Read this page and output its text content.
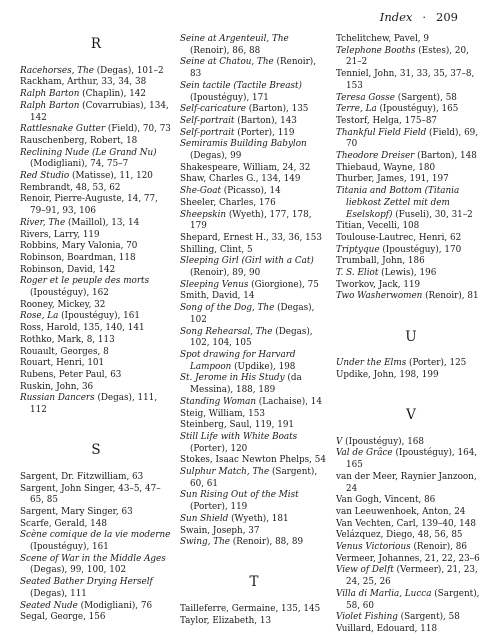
Index · 209
R
Racehorses, The (Degas), 101–2
Rackham, Arthur, 33, 34, 38
Ralph Barton (Chaplin), 142
Ralph Barton (Covarrubias), 134, 142
Rattlesnake Gutter (Field), 70, 73
Rauschenberg, Robert, 18
Reclining Nude (Le Grand Nu) (Modigliani), 74, 75–7
Red Studio (Matisse), 11, 120
Rembrandt, 48, 53, 62
Renoir, Pierre-Auguste, 14, 77, 79–91, 93, 106
River, The (Maillol), 13, 14
Rivers, Larry, 119
Robbins, Mary Valonia, 70
Robinson, Boardman, 118
Robinson, David, 142
Roger et le peuple des morts (Ipoustéguy), 162
Rooney, Mickey, 32
Rose, La (Ipoustéguy), 161
Ross, Harold, 135, 140, 141
Rothko, Mark, 8, 113
Rouault, Georges, 8
Rouart, Henri, 101
Rubens, Peter Paul, 63
Ruskin, John, 36
Russian Dancers (Degas), 111, 112
S
Sargent, Dr. Fitzwilliam, 63
Sargent, John Singer, 43–5, 47–65, 85
Sargent, Mary Singer, 63
Scarfe, Gerald, 148
Scène comique de la vie moderne (Ipoustéguy), 161
Scene of War in the Middle Ages (Degas), 99, 100, 102
Seated Bather Drying Herself (Degas), 111
Seated Nude (Modigliani), 76
Segal, George, 156
Seine at Argenteuil, The (Renoir), 86, 88
Seine at Chatou, The (Renoir), 83
Sein tactile (Tactile Breast) (Ipoustéguy), 171
Self-caricature (Barton), 135
Self-portrait (Barton), 143
Self-portrait (Porter), 119
Semiramis Building Babylon (Degas), 99
Shakespeare, William, 24, 32
Shaw, Charles G., 134, 149
She-Goat (Picasso), 14
Sheeler, Charles, 176
Sheepskin (Wyeth), 177, 178, 179
Shepard, Ernest H., 33, 36, 153
Shilling, Clint, 5
Sleeping Girl (Girl with a Cat) (Renoir), 89, 90
Sleeping Venus (Giorgione), 75
Smith, David, 14
Song of the Dog, The (Degas), 102
Song Rehearsal, The (Degas), 102, 104, 105
Spot drawing for Harvard Lampoon (Updike), 198
St. Jerome in His Study (da Messina), 188, 189
Standing Woman (Lachaise), 14
Steig, William, 153
Steinberg, Saul, 119, 191
Still Life with White Boats (Porter), 120
Stokes, Isaac Newton Phelps, 54
Sulphur Match, The (Sargent), 60, 61
Sun Rising Out of the Mist (Porter), 119
Sun Shield (Wyeth), 181
Swain, Joseph, 37
Swing, The (Renoir), 88, 89
T
Tailleferre, Germaine, 135, 145
Taylor, Elizabeth, 13
Tchelitchew, Pavel, 9
Telephone Booths (Estes), 20, 21–2
Tenniel, John, 31, 33, 35, 37–8, 153
Teresa Gosse (Sargent), 58
Terre, La (Ipoustéguy), 165
Testorf, Helga, 175–87
Thankful Field Field (Field), 69, 70
Theodore Dreiser (Barton), 148
Thiebaud, Wayne, 180
Thurber, James, 191, 197
Titania and Bottom (Titania liebkost Zettel mit dem Eselskopf) (Fuseli), 30, 31–2
Titian, Vecelli, 108
Toulouse-Lautrec, Henri, 62
Triptyque (Ipoustéguy), 170
Trumball, John, 186
T. S. Eliot (Lewis), 196
Tworkov, Jack, 119
Two Washerwomen (Renoir), 81
U
Under the Elms (Porter), 125
Updike, John, 198, 199
V
V (Ipoustéguy), 168
Val de Grâce (Ipoustéguy), 164, 165
van der Meer, Raynier Janzoon, 24
Van Gogh, Vincent, 86
van Leeuwenhoek, Anton, 24
Van Vechten, Carl, 139–40, 148
Velázquez, Diego, 48, 56, 85
Venus Victorious (Renoir), 86
Vermeer, Johannes, 21, 22, 23–6
View of Delft (Vermeer), 21, 23, 24, 25, 26
Villa di Marlia, Lucca (Sargent), 58, 60
Violet Fishing (Sargent), 58
Vuillard, Edouard, 118
